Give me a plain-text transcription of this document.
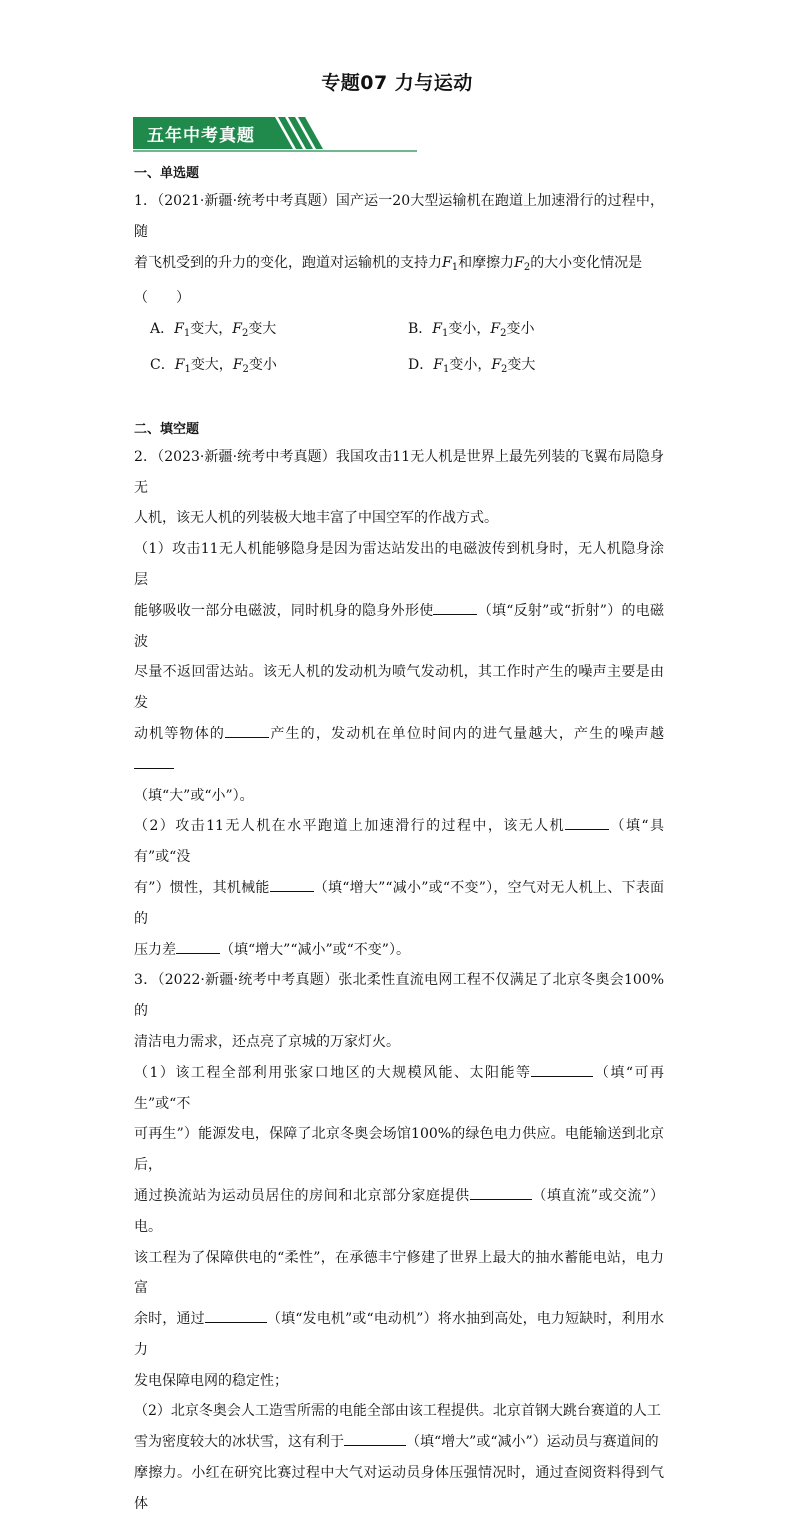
专题07 力与运动
五年中考真题
一、单选题

1．（2021·新疆·统考中考真题）国产运一20大型运输机在跑道上加速滑行的过程中，随
着飞机受到的升力的变化，跑道对运输机的支持力$F_1$和摩擦力$F_2$的大小变化情况是
（　　）

A．$F_1$变大，$F_2$变大	B．$F_1$变小，$F_2$变小
C．$F_1$变大，$F_2$变小	D．$F_1$变小，$F_2$变大
二、填空题

2．（2023·新疆·统考中考真题）我国攻击11无人机是世界上最先列装的飞翼布局隐身无
人机，该无人机的列装极大地丰富了中国空军的作战方式。
（1）攻击11无人机能够隐身是因为雷达站发出的电磁波传到机身时，无人机隐身涂层
能够吸收一部分电磁波，同时机身的隐身外形使	（填“反射”或“折射”）的电磁波
尽量不返回雷达站。该无人机的发动机为喷气发动机，其工作时产生的噪声主要是由发
动机等物体的	产生的，发动机在单位时间内的进气量越大，产生的噪声越
（填“大”或“小”）。
（2）攻击11无人机在水平跑道上加速滑行的过程中，该无人机	（填“具有”或“没
有”）惯性，其机械能	（填“增大”“减小”或“不变”），空气对无人机上、下表面的
压力差	（填“增大”“减小”或“不变”）。

3．（2022·新疆·统考中考真题）张北柔性直流电网工程不仅满足了北京冬奥会100%的
清洁电力需求，还点亮了京城的万家灯火。
（1）该工程全部利用张家口地区的大规模风能、太阳能等	（填“可再生”或“不
可再生”）能源发电，保障了北京冬奥会场馆100%的绿色电力供应。电能输送到北京后，
通过换流站为运动员居住的房间和北京部分家庭提供	（填直流”或交流”）电。
该工程为了保障供电的“柔性”，在承德丰宁修建了世界上最大的抽水蓄能电站，电力富
余时，通过	（填“发电机”或“电动机”）将水抽到高处，电力短缺时，利用水力
发电保障电网的稳定性；
（2）北京冬奥会人工造雪所需的电能全部由该工程提供。北京首钢大跳台赛道的人工
雪为密度较大的冰状雪，这有利于	（填“增大”或“减小”）运动员与赛道间的
摩擦力。小红在研究比赛过程中大气对运动员身体压强情况时，通过查阅资料得到气体
